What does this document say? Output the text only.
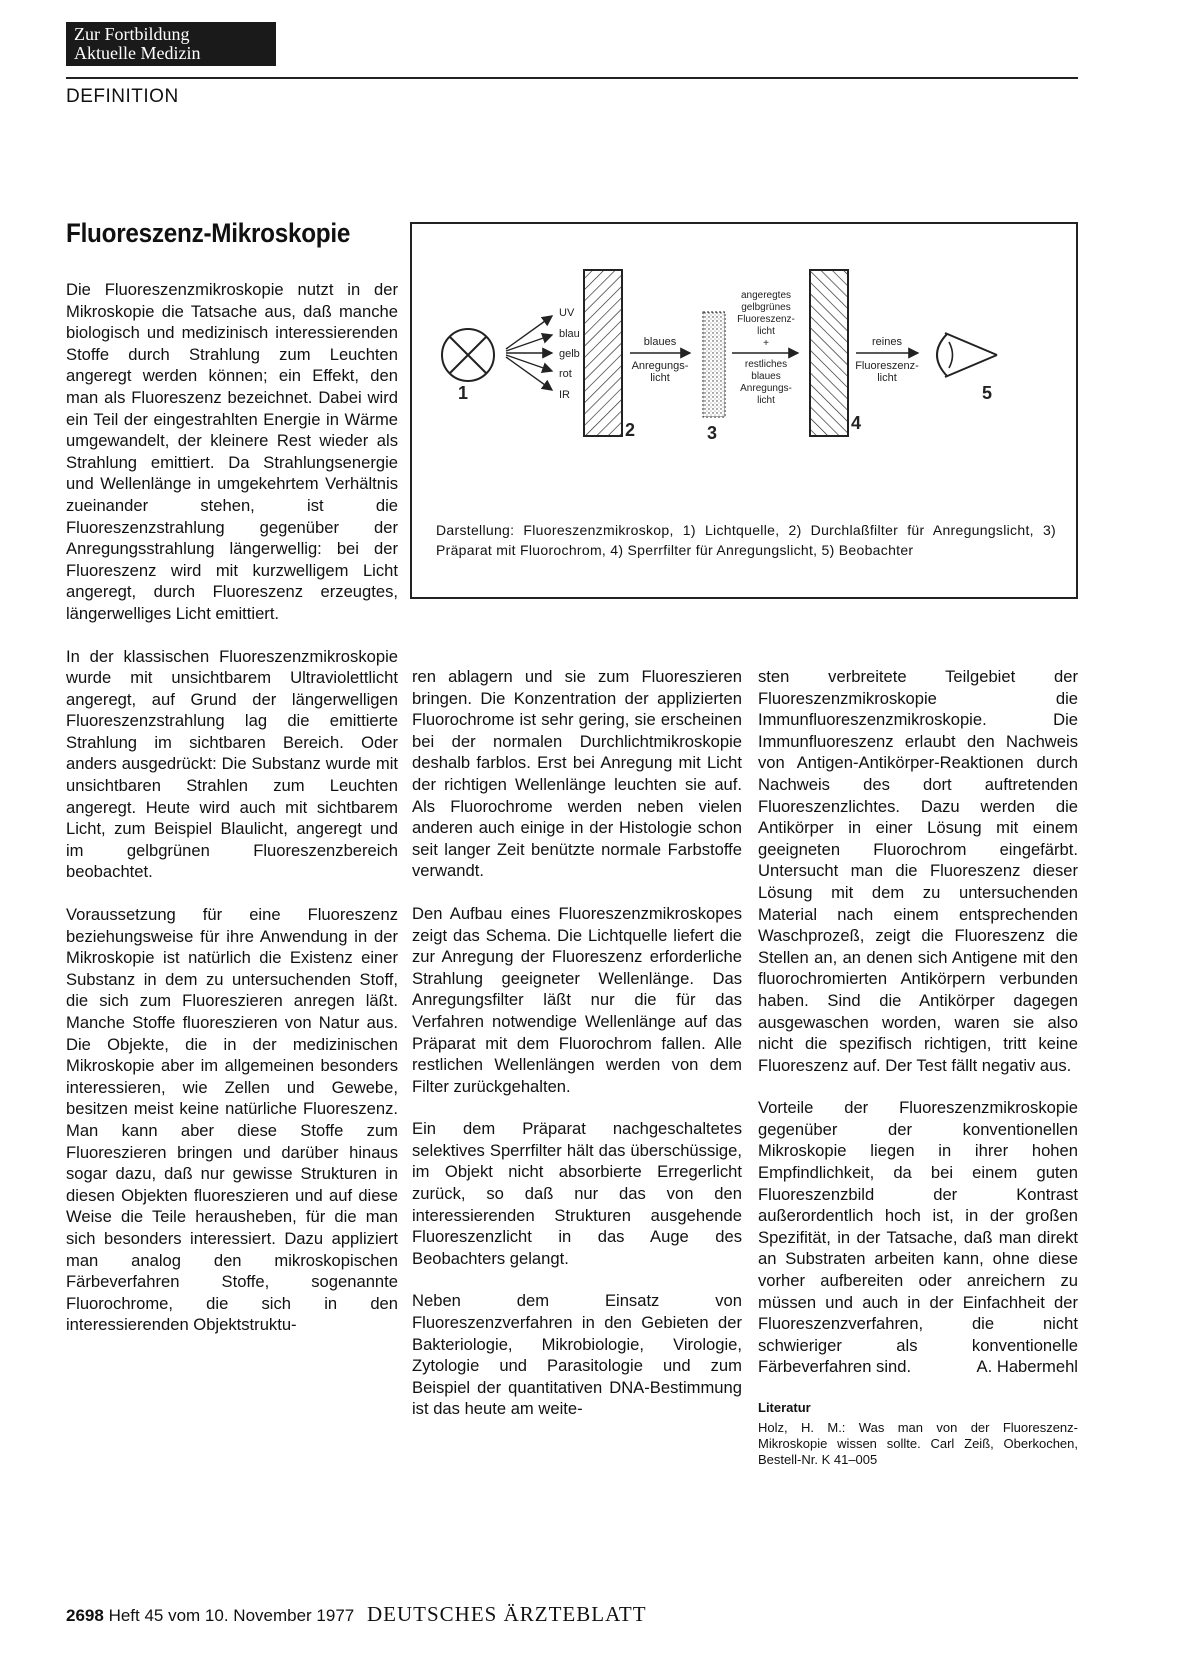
Zur Fortbildung
Aktuelle Medizin
DEFINITION
Fluoreszenz-Mikroskopie

Die Fluoreszenzmikroskopie nutzt in der Mikroskopie die Tatsache aus, daß manche biologisch und medizinisch interessierenden Stoffe durch Strahlung zum Leuchten angeregt werden können; ein Effekt, den man als Fluoreszenz bezeichnet. Dabei wird ein Teil der eingestrahlten Energie in Wärme umgewandelt, der kleinere Rest wieder als Strahlung emittiert. Da Strahlungsenergie und Wellenlänge in umgekehrtem Verhältnis zueinander stehen, ist die Fluoreszenzstrahlung gegenüber der Anregungsstrahlung längerwellig: bei der Fluoreszenz wird mit kurzwelligem Licht angeregt, durch Fluoreszenz erzeugtes, längerwelliges Licht emittiert.

In der klassischen Fluoreszenzmikroskopie wurde mit unsichtbarem Ultraviolettlicht angeregt, auf Grund der längerwelligen Fluoreszenzstrahlung lag die emittierte Strahlung im sichtbaren Bereich. Oder anders ausgedrückt: Die Substanz wurde mit unsichtbaren Strahlen zum Leuchten angeregt. Heute wird auch mit sichtbarem Licht, zum Beispiel Blaulicht, angeregt und im gelbgrünen Fluoreszenzbereich beobachtet.

Voraussetzung für eine Fluoreszenz beziehungsweise für ihre Anwendung in der Mikroskopie ist natürlich die Existenz einer Substanz in dem zu untersuchenden Stoff, die sich zum Fluoreszieren anregen läßt. Manche Stoffe fluoreszieren von Natur aus. Die Objekte, die in der medizinischen Mikroskopie aber im allgemeinen besonders interessieren, wie Zellen und Gewebe, besitzen meist keine natürliche Fluoreszenz. Man kann aber diese Stoffe zum Fluoreszieren bringen und darüber hinaus sogar dazu, daß nur gewisse Strukturen in diesen Objekten fluoreszieren und auf diese Weise die Teile herausheben, für die man sich besonders interessiert. Dazu appliziert man analog den mikroskopischen Färbeverfahren Stoffe, sogenannte Fluorochrome, die sich in den interessierenden Objektstruktu-

UV
blau
gelb
rot
IR
blaues
Anregungs-
licht
angeregtes
gelbgrünes
Fluoreszenz-
licht
+
restliches
blaues
Anregungs-
licht
reines
Fluoreszenz-
licht
1
2	3	4
5
Darstellung: Fluoreszenzmikroskop, 1) Lichtquelle, 2) Durchlaßfilter für Anregungslicht, 3) Präparat mit Fluorochrom, 4) Sperrfilter für Anregungslicht, 5) Beobachter

ren ablagern und sie zum Fluoreszieren bringen. Die Konzentration der applizierten Fluorochrome ist sehr gering, sie erscheinen bei der normalen Durchlichtmikroskopie deshalb farblos. Erst bei Anregung mit Licht der richtigen Wellenlänge leuchten sie auf. Als Fluorochrome werden neben vielen anderen auch einige in der Histologie schon seit langer Zeit benützte normale Farbstoffe verwandt.

Den Aufbau eines Fluoreszenzmikroskopes zeigt das Schema. Die Lichtquelle liefert die zur Anregung der Fluoreszenz erforderliche Strahlung geeigneter Wellenlänge. Das Anregungsfilter läßt nur die für das Verfahren notwendige Wellenlänge auf das Präparat mit dem Fluorochrom fallen. Alle restlichen Wellenlängen werden von dem Filter zurückgehalten.

Ein dem Präparat nachgeschaltetes selektives Sperrfilter hält das überschüssige, im Objekt nicht absorbierte Erregerlicht zurück, so daß nur das von den interessierenden Strukturen ausgehende Fluoreszenzlicht in das Auge des Beobachters gelangt.

Neben dem Einsatz von Fluoreszenzverfahren in den Gebieten der Bakteriologie, Mikrobiologie, Virologie, Zytologie und Parasitologie und zum Beispiel der quantitativen DNA-Bestimmung ist das heute am weite-

sten verbreitete Teilgebiet der Fluoreszenzmikroskopie die Immunfluoreszenzmikroskopie. Die Immunfluoreszenz erlaubt den Nachweis von Antigen-Antikörper-Reaktionen durch Nachweis des dort auftretenden Fluoreszenzlichtes. Dazu werden die Antikörper in einer Lösung mit einem geeigneten Fluorochrom eingefärbt. Untersucht man die Fluoreszenz dieser Lösung mit dem zu untersuchenden Material nach einem entsprechenden Waschprozeß, zeigt die Fluoreszenz die Stellen an, an denen sich Antigene mit den fluorochromierten Antikörpern verbunden haben. Sind die Antikörper dagegen ausgewaschen worden, waren sie also nicht die spezifisch richtigen, tritt keine Fluoreszenz auf. Der Test fällt negativ aus.

Vorteile der Fluoreszenzmikroskopie gegenüber der konventionellen Mikroskopie liegen in ihrer hohen Empfindlichkeit, da bei einem guten Fluoreszenzbild der Kontrast außerordentlich hoch ist, in der großen Spezifität, in der Tatsache, daß man direkt an Substraten arbeiten kann, ohne diese vorher aufbereiten oder anreichern zu müssen und auch in der Einfachheit der Fluoreszenzverfahren, die nicht schwieriger als konventionelle Färbeverfahren sind.	A. Habermehl

Literatur
Holz, H. M.: Was man von der Fluoreszenz-Mikroskopie wissen sollte. Carl Zeiß, Oberkochen, Bestell-Nr. K 41–005
2698 Heft 45 vom 10. November 1977 DEUTSCHES ÄRZTEBLATT
